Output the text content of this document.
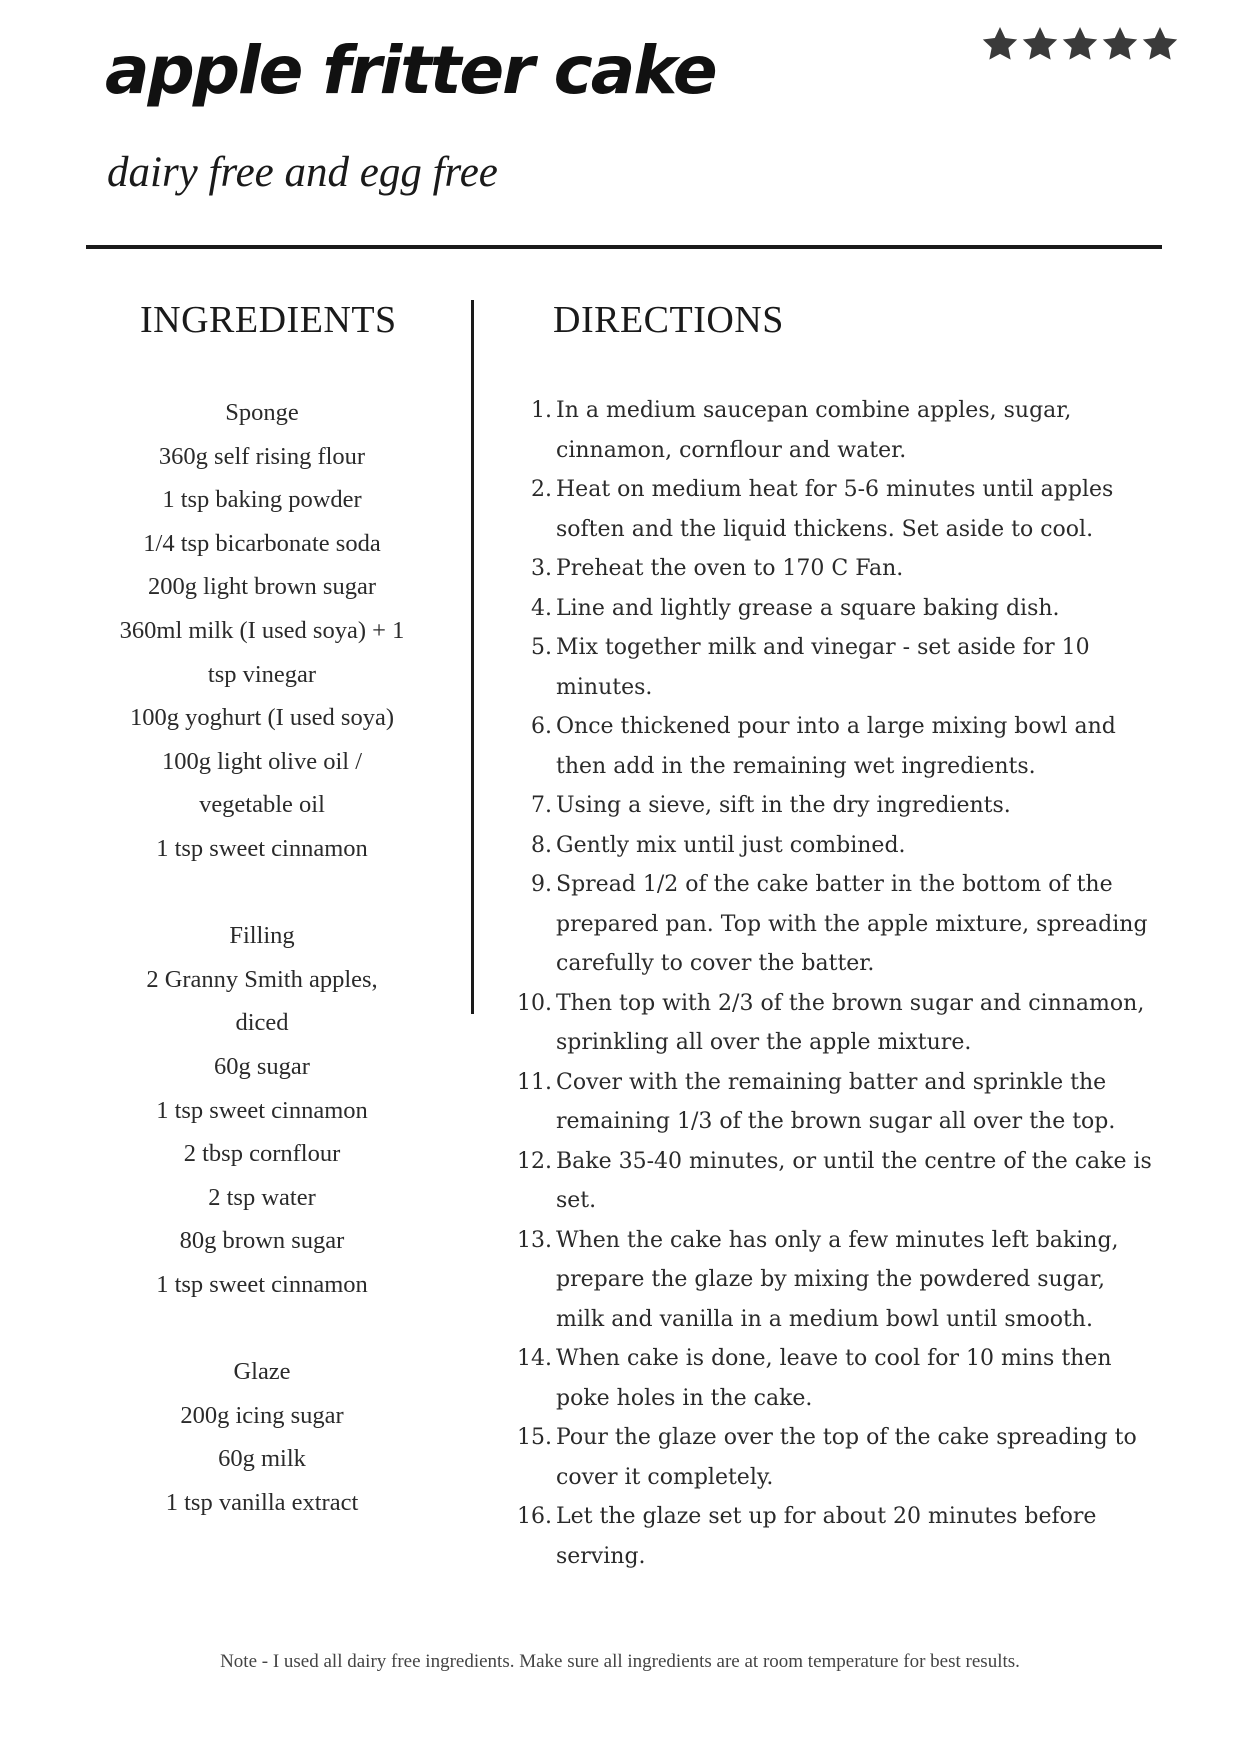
apple fritter cake

dairy free and egg free

INGREDIENTS	DIRECTIONS
Sponge
360g self rising flour
1 tsp baking powder
1/4 tsp bicarbonate soda
200g light brown sugar
360ml milk (I used soya) + 1
tsp vinegar
100g yoghurt (I used soya)
100g light olive oil /
vegetable oil
1 tsp sweet cinnamon
Filling
2 Granny Smith apples,
diced
60g sugar
1 tsp sweet cinnamon
2 tbsp cornflour
2 tsp water
80g brown sugar
1 tsp sweet cinnamon
Glaze
200g icing sugar
60g milk
1 tsp vanilla extract
1. In a medium saucepan combine apples, sugar, cinnamon, cornflour and water.
2. Heat on medium heat for 5-6 minutes until apples soften and the liquid thickens. Set aside to cool.
3. Preheat the oven to 170 C Fan.
4. Line and lightly grease a square baking dish.
5. Mix together milk and vinegar - set aside for 10 minutes.
6. Once thickened pour into a large mixing bowl and then add in the remaining wet ingredients.
7. Using a sieve, sift in the dry ingredients.
8. Gently mix until just combined.
9. Spread 1/2 of the cake batter in the bottom of the prepared pan. Top with the apple mixture, spreading carefully to cover the batter.
10. Then top with 2/3 of the brown sugar and cinnamon, sprinkling all over the apple mixture.
11. Cover with the remaining batter and sprinkle the remaining 1/3 of the brown sugar all over the top.
12. Bake 35-40 minutes, or until the centre of the cake is set.
13. When the cake has only a few minutes left baking, prepare the glaze by mixing the powdered sugar, milk and vanilla in a medium bowl until smooth.
14. When cake is done, leave to cool for 10 mins then poke holes in the cake.
15. Pour the glaze over the top of the cake spreading to cover it completely.
16. Let the glaze set up for about 20 minutes before serving.
Note - I used all dairy free ingredients. Make sure all ingredients are at room temperature for best results.
